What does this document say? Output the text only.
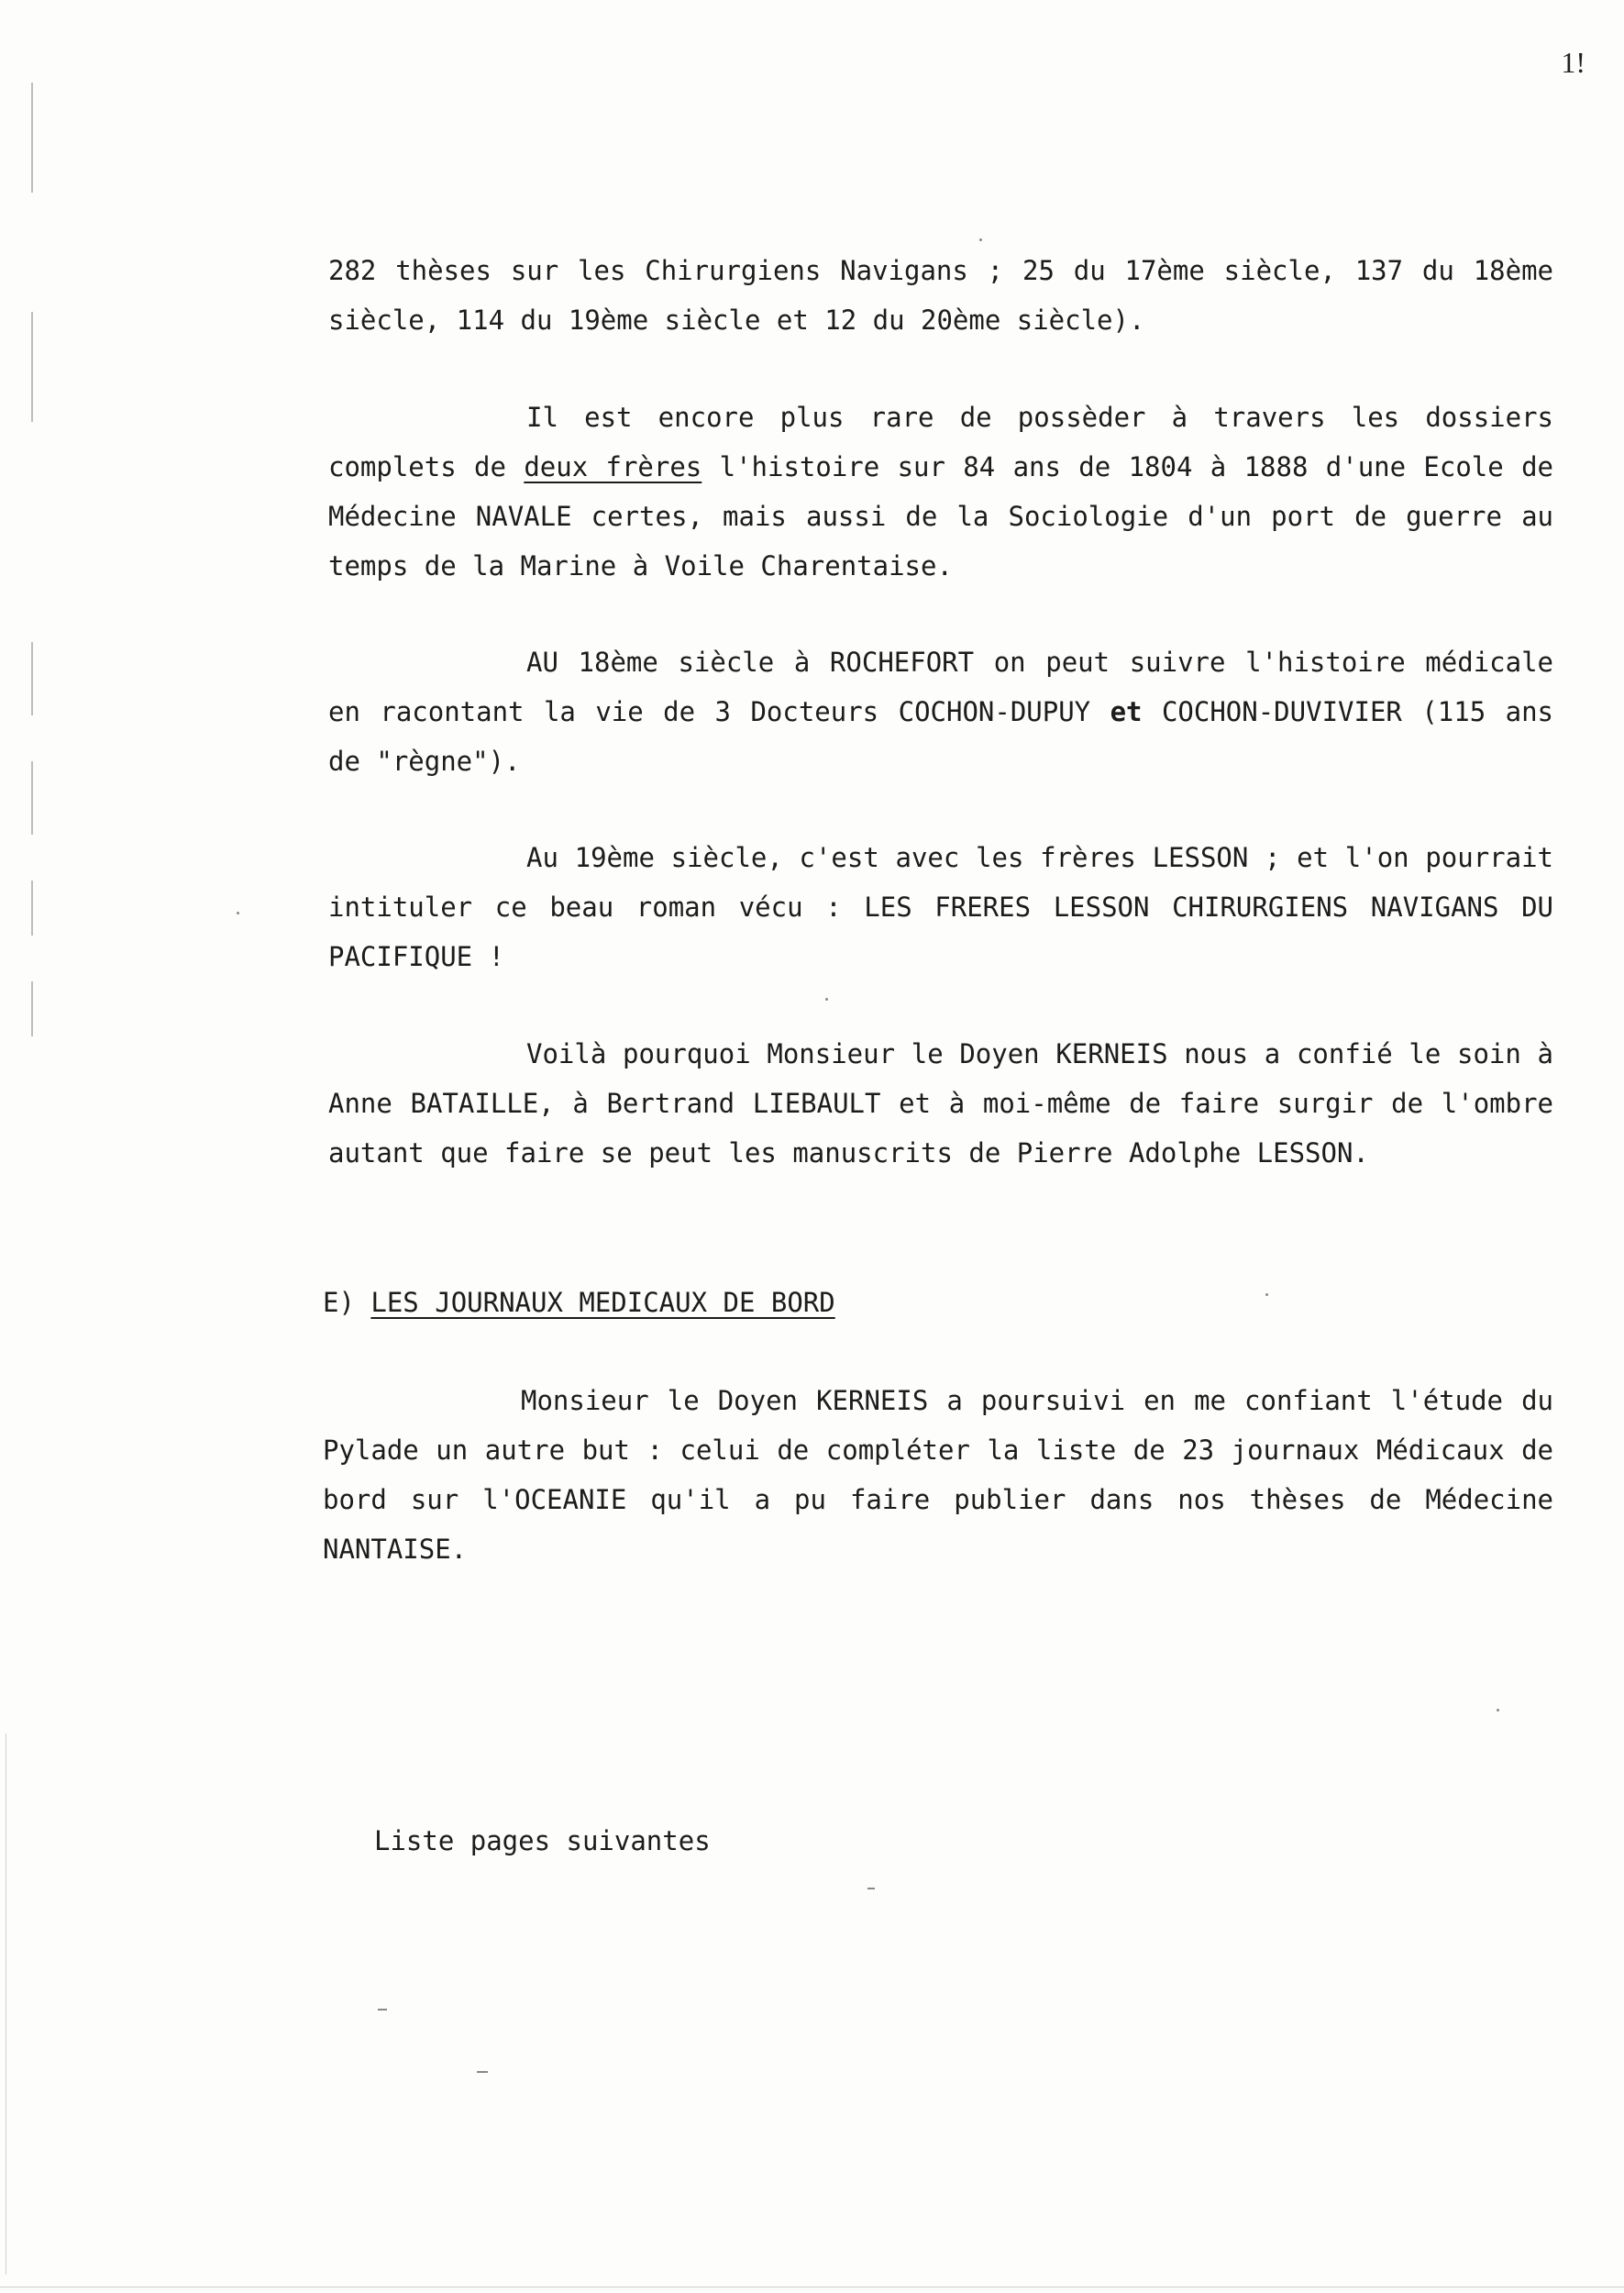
1!

282 thèses sur les Chirurgiens Navigans ; 25 du 17ème siècle, 137 du 18ème siècle, 114 du 19ème siècle et 12 du 20ème siècle).

Il est encore plus rare de possèder à travers les dossiers complets de deux frères l'histoire sur 84 ans de 1804 à 1888 d'une Ecole de Médecine NAVALE certes, mais aussi de la Sociologie d'un port de guerre au temps de la Marine à Voile Charentaise.

AU 18ème siècle à ROCHEFORT on peut suivre l'histoire médicale en racontant la vie de 3 Docteurs COCHON-DUPUY et COCHON-DUVIVIER (115 ans de "règne").

Au 19ème siècle, c'est avec les frères LESSON ; et l'on pourrait intituler ce beau roman vécu : LES FRERES LESSON CHIRURGIENS NAVIGANS DU PACIFIQUE !

Voilà pourquoi Monsieur le Doyen KERNEIS nous a confié le soin à Anne BATAILLE, à Bertrand LIEBAULT et à moi-même de faire surgir de l'ombre autant que faire se peut les manuscrits de Pierre Adolphe LESSON.

E) LES JOURNAUX MEDICAUX DE BORD

Monsieur le Doyen KERNEIS a poursuivi en me confiant l'étude du Pylade un autre but : celui de compléter la liste de 23 journaux Médicaux de bord sur l'OCEANIE qu'il a pu faire publier dans nos thèses de Médecine NANTAISE.

Liste pages suivantes
